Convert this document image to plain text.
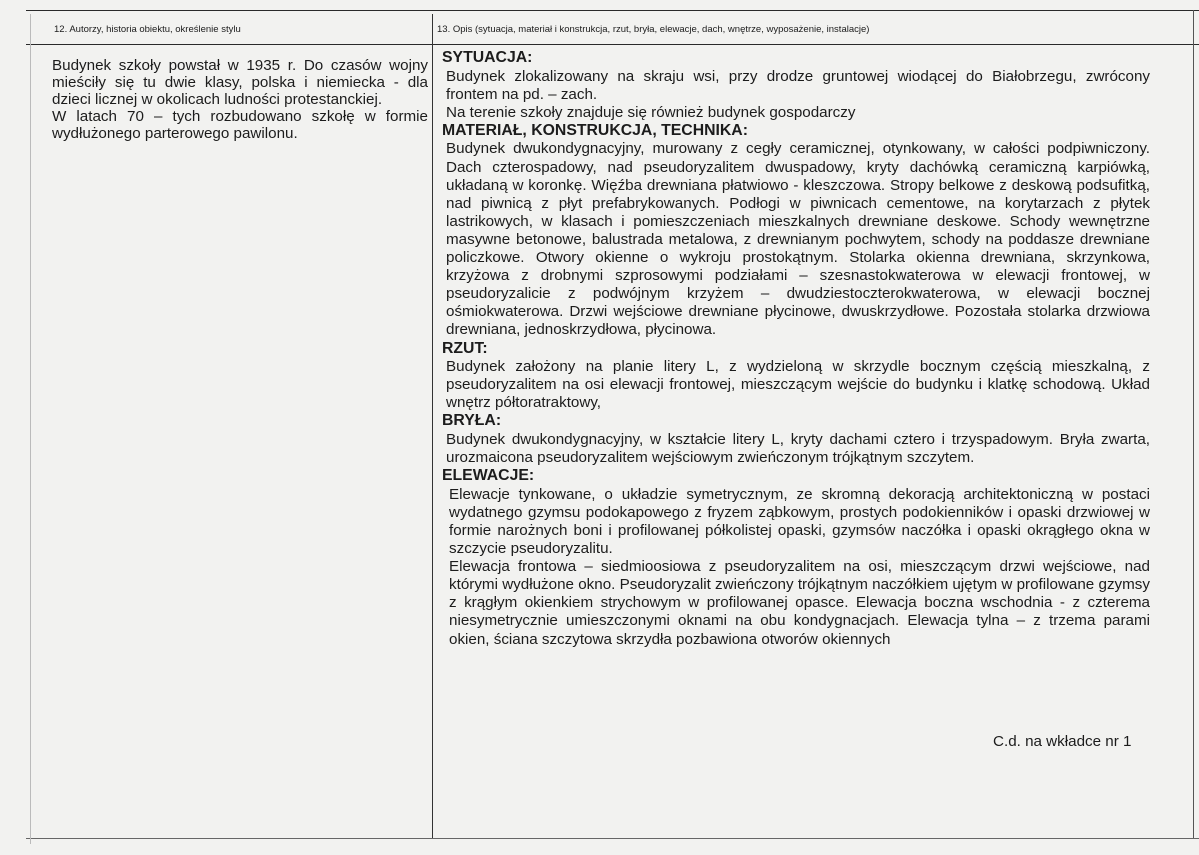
12. Autorzy, historia obiektu, określenie stylu	13. Opis (sytuacja, materiał i konstrukcja, rzut, bryła, elewacje, dach, wnętrze, wyposażenie, instalacje)

Budynek szkoły powstał w 1935 r. Do czasów wojny mieściły się tu dwie klasy, polska i niemiecka - dla dzieci licznej w okolicach ludności protestanckiej.

W latach 70 – tych rozbudowano szkołę w formie wydłużonego parterowego pawilonu.

SYTUACJA:

Budynek zlokalizowany na skraju wsi, przy drodze gruntowej wiodącej do Białobrzegu, zwrócony frontem na pd. – zach.

Na terenie szkoły znajduje się również budynek gospodarczy

MATERIAŁ, KONSTRUKCJA, TECHNIKA:

Budynek dwukondygnacyjny, murowany z cegły ceramicznej, otynkowany, w całości podpiwniczony. Dach czterospadowy, nad pseudoryzalitem dwuspadowy, kryty dachówką ceramiczną karpiówką, układaną w koronkę. Więźba drewniana płatwiowo - kleszczowa. Stropy belkowe z deskową podsufitką, nad piwnicą z płyt prefabrykowanych. Podłogi w piwnicach cementowe, na korytarzach z płytek lastrikowych, w klasach i pomieszczeniach mieszkalnych drewniane deskowe. Schody wewnętrzne masywne betonowe, balustrada metalowa, z drewnianym pochwytem, schody na poddasze drewniane policzkowe. Otwory okienne o wykroju prostokątnym. Stolarka okienna drewniana, skrzynkowa, krzyżowa z drobnymi szprosowymi podziałami – szesnastokwaterowa w elewacji frontowej, w pseudoryzalicie z podwójnym krzyżem – dwudziestoczterokwaterowa, w elewacji bocznej ośmiokwaterowa. Drzwi wejściowe drewniane płycinowe, dwuskrzydłowe. Pozostała stolarka drzwiowa drewniana, jednoskrzydłowa, płycinowa.

RZUT:

Budynek założony na planie litery L, z wydzieloną w skrzydle bocznym częścią mieszkalną, z pseudoryzalitem na osi elewacji frontowej, mieszczącym wejście do budynku i klatkę schodową. Układ wnętrz półtoratraktowy,

BRYŁA:

Budynek dwukondygnacyjny, w kształcie litery L, kryty dachami cztero i trzyspadowym. Bryła zwarta, urozmaicona pseudoryzalitem wejściowym zwieńczonym trójkątnym szczytem.

ELEWACJE:

Elewacje tynkowane, o układzie symetrycznym, ze skromną dekoracją architektoniczną w postaci wydatnego gzymsu podokapowego z fryzem ząbkowym, prostych podokienników i opaski drzwiowej w formie narożnych boni i profilowanej półkolistej opaski, gzymsów naczółka i opaski okrągłego okna w szczycie pseudoryzalitu.

Elewacja frontowa – siedmioosiowa z pseudoryzalitem na osi, mieszczącym drzwi wejściowe, nad którymi wydłużone okno. Pseudoryzalit zwieńczony trójkątnym naczółkiem ujętym w profilowane gzymsy z krągłym okienkiem strychowym w profilowanej opasce. Elewacja boczna wschodnia - z czterema niesymetrycznie umieszczonymi oknami na obu kondygnacjach. Elewacja tylna – z trzema parami okien, ściana szczytowa skrzydła pozbawiona otworów okiennych

C.d. na wkładce nr 1
